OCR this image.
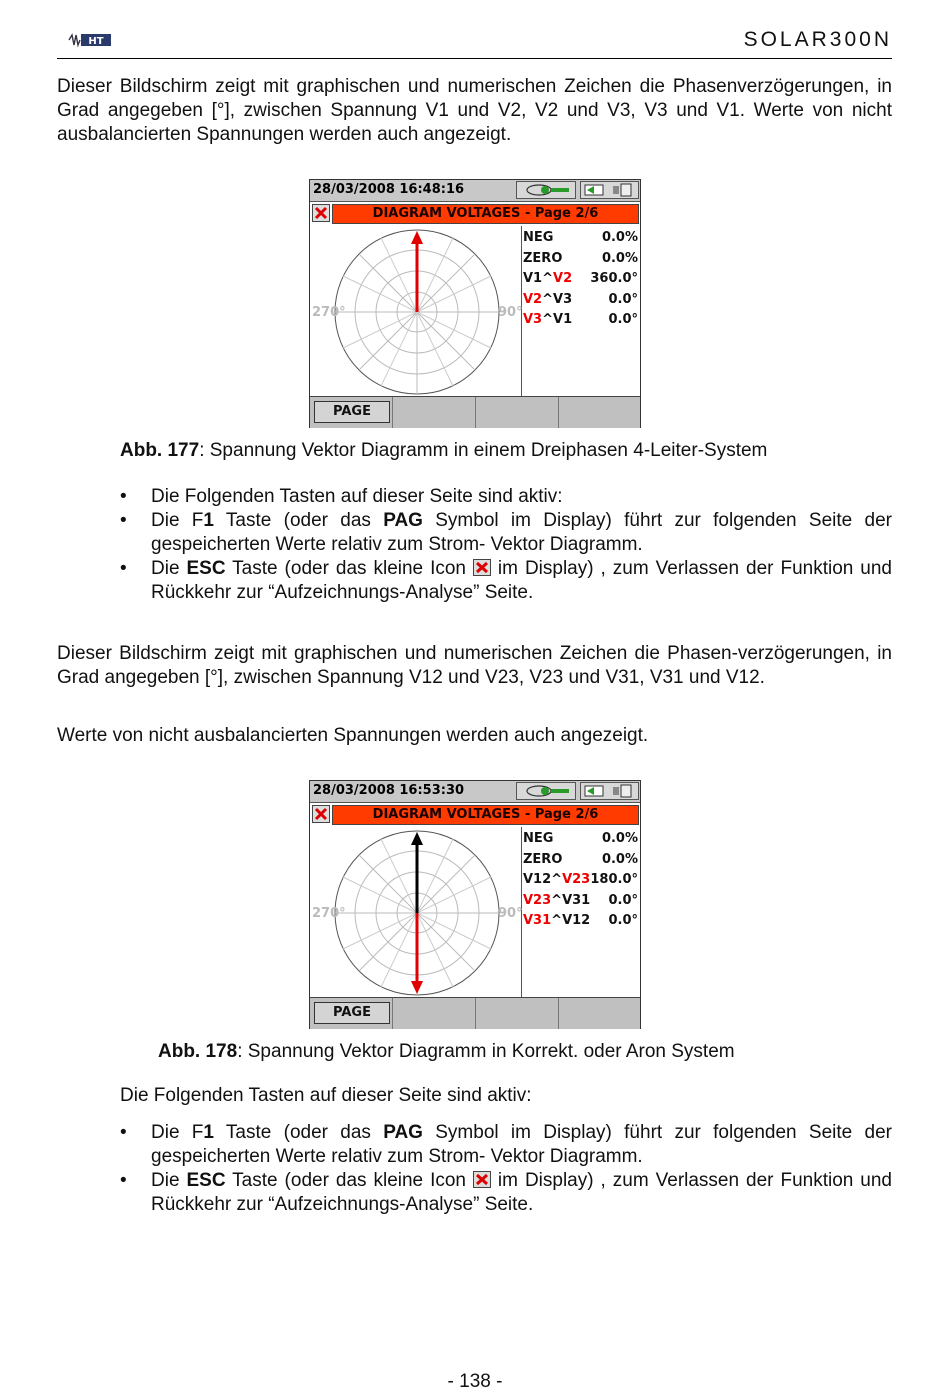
HT	SOLAR300N

Dieser Bildschirm zeigt mit graphischen und numerischen Zeichen die Phasenverzögerungen, in Grad angegeben [°], zwischen Spannung V1 und V2, V2 und V3, V3 und V1. Werte von nicht ausbalancierten Spannungen werden auch angezeigt.

28/03/2008 16:48:16
DIAGRAM VOLTAGES - Page 2/6
270°	90°
NEG	0.0%
ZERO	0.0%
V1^V2 360.0°
V2^V3	0.0°
V3^V1	0.0°
PAGE
Abb. 177: Spannung Vektor Diagramm in einem Dreiphasen 4-Leiter-System
• Die Folgenden Tasten auf dieser Seite sind aktiv:
• Die F1 Taste (oder das PAG Symbol im Display) führt zur folgenden Seite der gespeicherten Werte relativ zum Strom- Vektor Diagramm.
• Die ESC Taste (oder das kleine Icon  im Display) , zum Verlassen der Funktion und Rückkehr zur “Aufzeichnungs-Analyse” Seite.

Dieser Bildschirm zeigt mit graphischen und numerischen Zeichen die Phasen-verzögerungen, in Grad angegeben [°], zwischen Spannung V12 und V23, V23 und V31, V31 und V12.

Werte von nicht ausbalancierten Spannungen werden auch angezeigt.

28/03/2008 16:53:30
DIAGRAM VOLTAGES - Page 2/6
270°	90°
NEG	0.0%
ZERO	0.0%
V12^V23 180.0°
V23^V31 0.0°
V31^V12 0.0°
PAGE
Abb. 178: Spannung Vektor Diagramm in Korrekt. oder Aron System
Die Folgenden Tasten auf dieser Seite sind aktiv:
• Die F1 Taste (oder das PAG Symbol im Display) führt zur folgenden Seite der gespeicherten Werte relativ zum Strom- Vektor Diagramm.
• Die ESC Taste (oder das kleine Icon  im Display) , zum Verlassen der Funktion und Rückkehr zur “Aufzeichnungs-Analyse” Seite.
- 138 -
